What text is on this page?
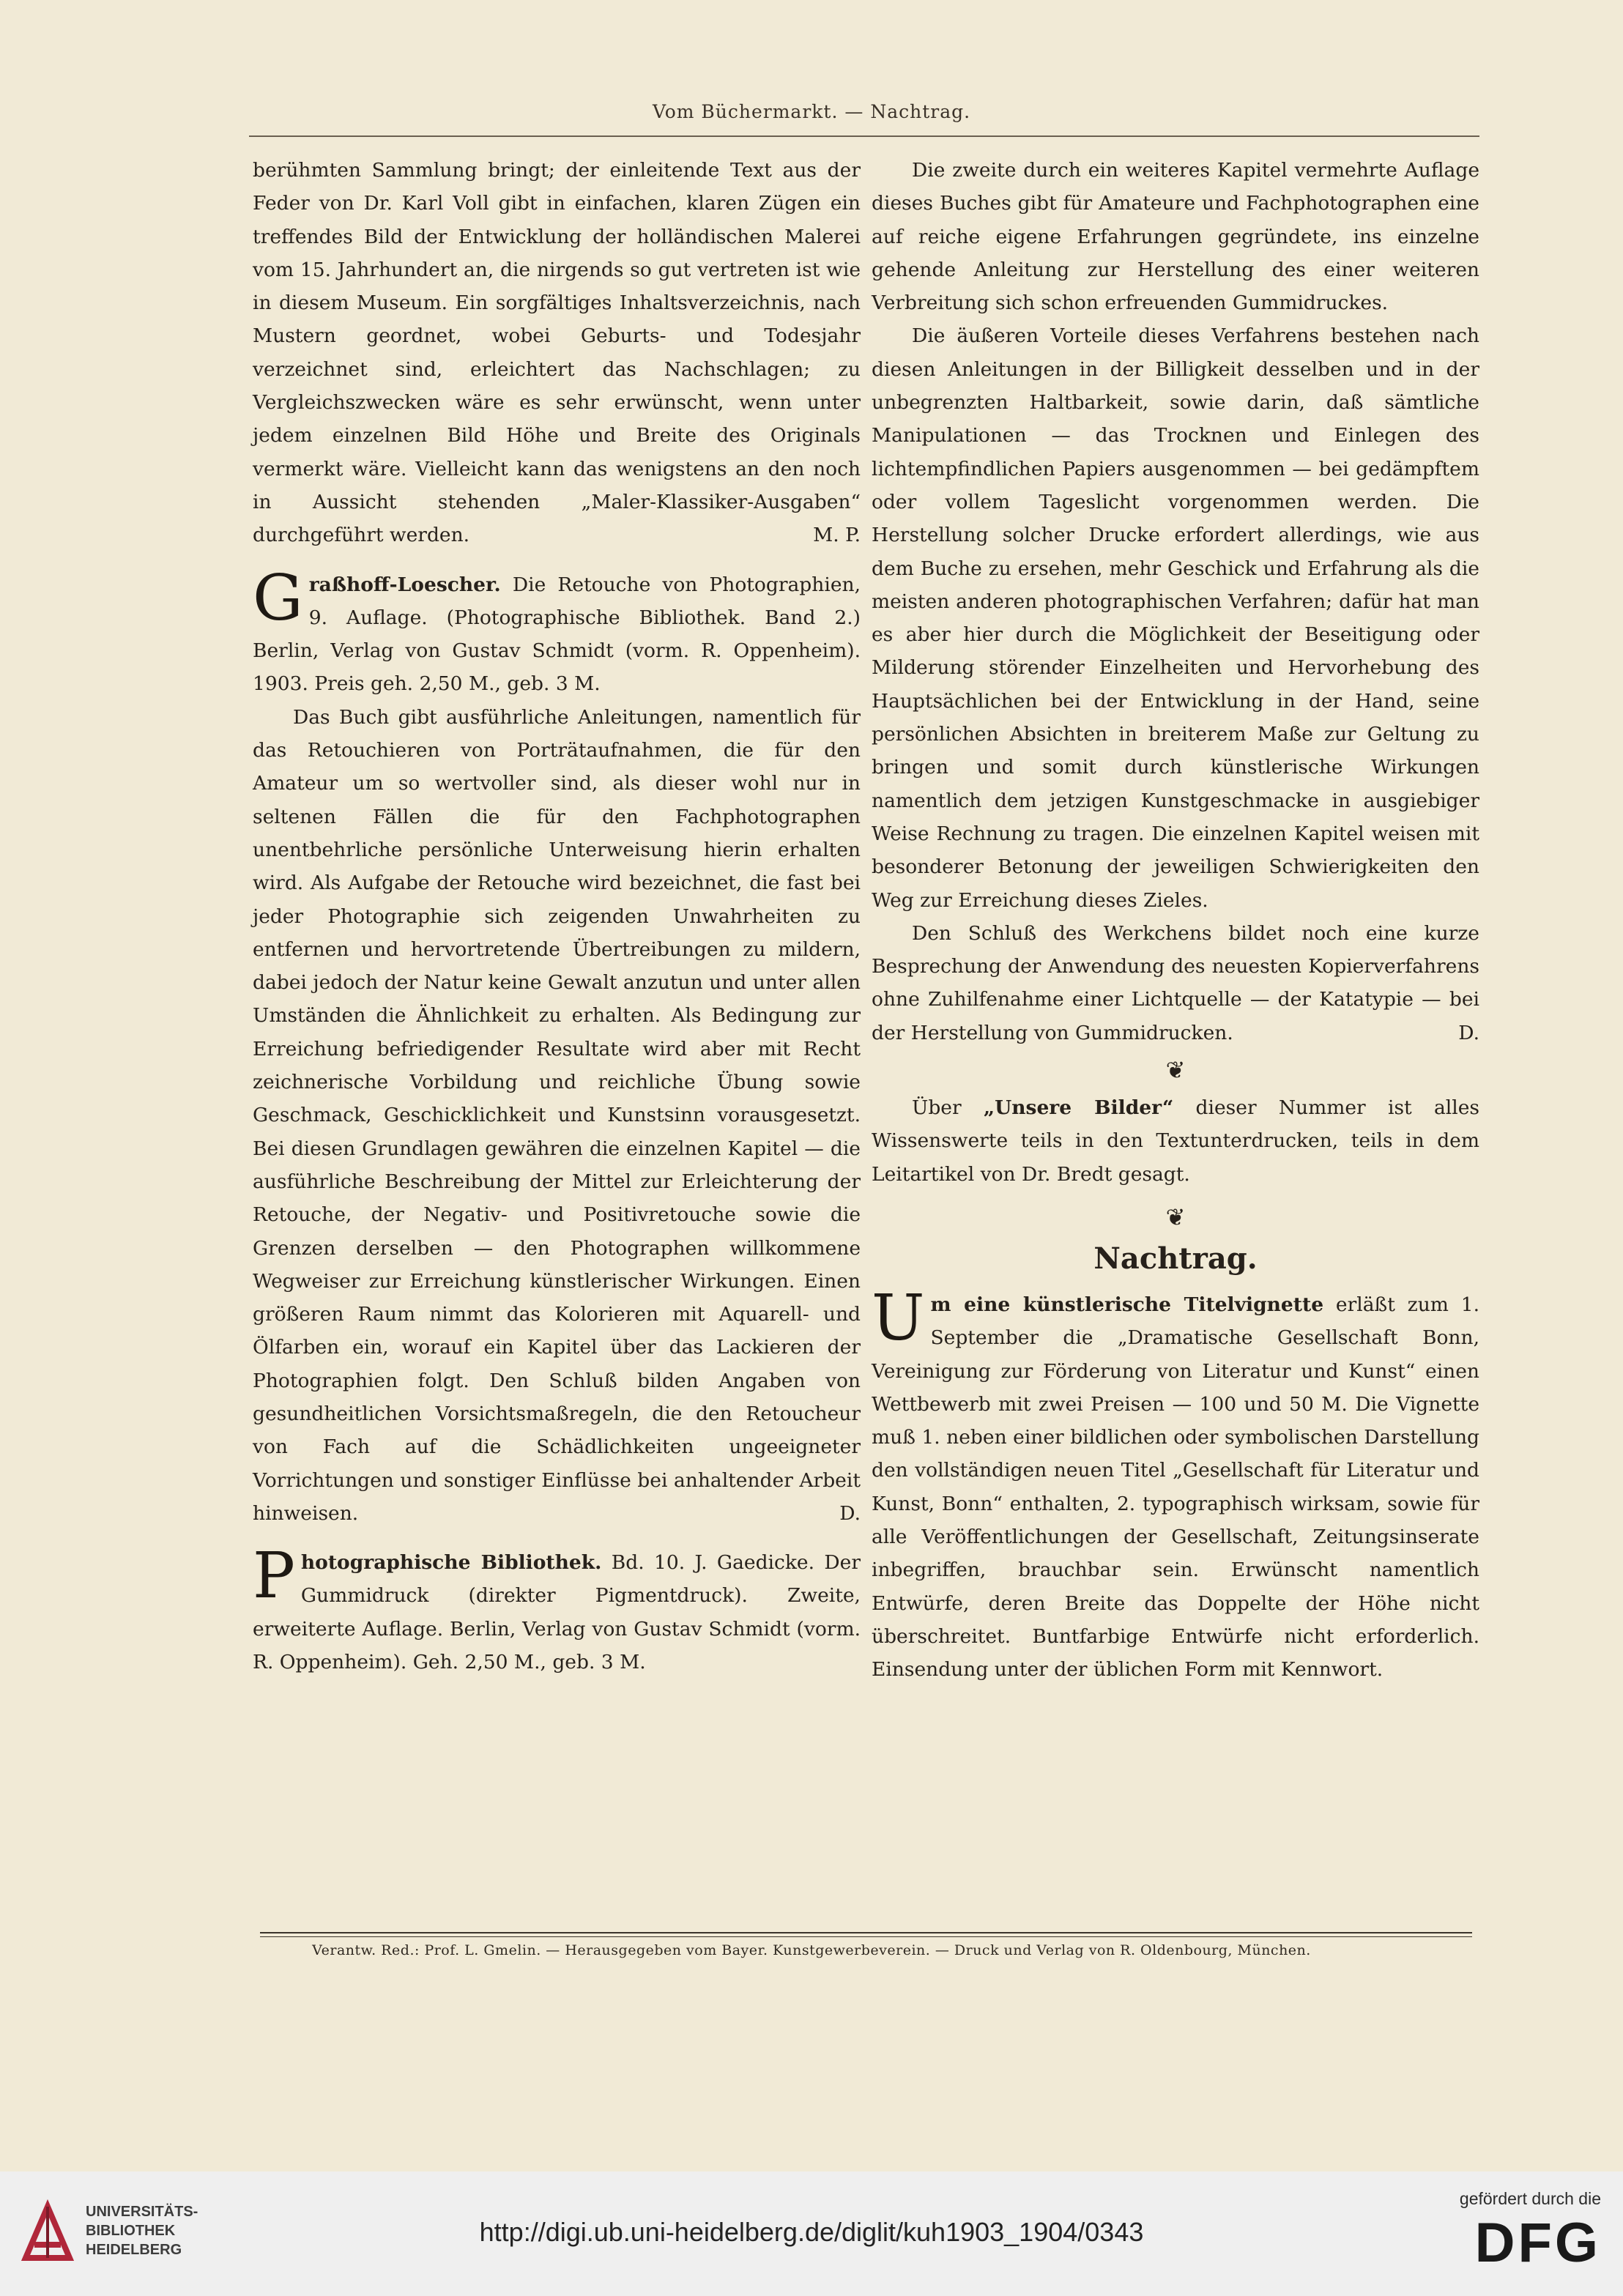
Vom Büchermarkt. — Nachtrag.

berühmten Sammlung bringt; der einleitende Text aus der Feder von Dr. Karl Voll gibt in einfachen, klaren Zügen ein treffendes Bild der Entwicklung der holländischen Malerei vom 15. Jahrhundert an, die nirgends so gut vertreten ist wie in diesem Museum. Ein sorgfältiges Inhaltsverzeichnis, nach Mustern geordnet, wobei Geburts- und Todesjahr verzeichnet sind, erleichtert das Nachschlagen; zu Vergleichszwecken wäre es sehr erwünscht, wenn unter jedem einzelnen Bild Höhe und Breite des Originals vermerkt wäre. Vielleicht kann das wenigstens an den noch in Aussicht stehenden „Maler-Klassiker-Ausgaben“ durchgeführt werden.	M. P.

Graßhoff-Loescher. Die Retouche von Photographien, 9. Auflage. (Photographische Bibliothek. Band 2.) Berlin, Verlag von Gustav Schmidt (vorm. R. Oppenheim). 1903. Preis geh. 2,50 M., geb. 3 M.

Das Buch gibt ausführliche Anleitungen, namentlich für das Retouchieren von Porträtaufnahmen, die für den Amateur um so wertvoller sind, als dieser wohl nur in seltenen Fällen die für den Fachphotographen unentbehrliche persönliche Unterweisung hierin erhalten wird. Als Aufgabe der Retouche wird bezeichnet, die fast bei jeder Photographie sich zeigenden Unwahrheiten zu entfernen und hervortretende Übertreibungen zu mildern, dabei jedoch der Natur keine Gewalt anzutun und unter allen Umständen die Ähnlichkeit zu erhalten. Als Bedingung zur Erreichung befriedigender Resultate wird aber mit Recht zeichnerische Vorbildung und reichliche Übung sowie Geschmack, Geschicklichkeit und Kunstsinn vorausgesetzt. Bei diesen Grundlagen gewähren die einzelnen Kapitel — die ausführliche Beschreibung der Mittel zur Erleichterung der Retouche, der Negativ- und Positivretouche sowie die Grenzen derselben — den Photographen willkommene Wegweiser zur Erreichung künstlerischer Wirkungen. Einen größeren Raum nimmt das Kolorieren mit Aquarell- und Ölfarben ein, worauf ein Kapitel über das Lackieren der Photographien folgt. Den Schluß bilden Angaben von gesundheitlichen Vorsichtsmaßregeln, die den Retoucheur von Fach auf die Schädlichkeiten ungeeigneter Vorrichtungen und sonstiger Einflüsse bei anhaltender Arbeit hinweisen.	D.

Photographische Bibliothek. Bd. 10. J. Gaedicke. Der Gummidruck (direkter Pigmentdruck). Zweite, erweiterte Auflage. Berlin, Verlag von Gustav Schmidt (vorm. R. Oppenheim). Geh. 2,50 M., geb. 3 M.

Die zweite durch ein weiteres Kapitel vermehrte Auflage dieses Buches gibt für Amateure und Fachphotographen eine auf reiche eigene Erfahrungen gegründete, ins einzelne gehende Anleitung zur Herstellung des einer weiteren Verbreitung sich schon erfreuenden Gummidruckes.

Die äußeren Vorteile dieses Verfahrens bestehen nach diesen Anleitungen in der Billigkeit desselben und in der unbegrenzten Haltbarkeit, sowie darin, daß sämtliche Manipulationen — das Trocknen und Einlegen des lichtempfindlichen Papiers ausgenommen — bei gedämpftem oder vollem Tageslicht vorgenommen werden. Die Herstellung solcher Drucke erfordert allerdings, wie aus dem Buche zu ersehen, mehr Geschick und Erfahrung als die meisten anderen photographischen Verfahren; dafür hat man es aber hier durch die Möglichkeit der Beseitigung oder Milderung störender Einzelheiten und Hervorhebung des Hauptsächlichen bei der Entwicklung in der Hand, seine persönlichen Absichten in breiterem Maße zur Geltung zu bringen und somit durch künstlerische Wirkungen namentlich dem jetzigen Kunstgeschmacke in ausgiebiger Weise Rechnung zu tragen. Die einzelnen Kapitel weisen mit besonderer Betonung der jeweiligen Schwierigkeiten den Weg zur Erreichung dieses Zieles.

Den Schluß des Werkchens bildet noch eine kurze Besprechung der Anwendung des neuesten Kopierverfahrens ohne Zuhilfenahme einer Lichtquelle — der Katatypie — bei der Herstellung von Gummidrucken.	D.

❦

Über „Unsere Bilder“ dieser Nummer ist alles Wissenswerte teils in den Textunterdrucken, teils in dem Leitartikel von Dr. Bredt gesagt.

❦
Nachtrag.

Um eine künstlerische Titelvignette erläßt zum 1. September die „Dramatische Gesellschaft Bonn, Vereinigung zur Förderung von Literatur und Kunst“ einen Wettbewerb mit zwei Preisen — 100 und 50 M. Die Vignette muß 1. neben einer bildlichen oder symbolischen Darstellung den vollständigen neuen Titel „Gesellschaft für Literatur und Kunst, Bonn“ enthalten, 2. typographisch wirksam, sowie für alle Veröffentlichungen der Gesellschaft, Zeitungsinserate inbegriffen, brauchbar sein. Erwünscht namentlich Entwürfe, deren Breite das Doppelte der Höhe nicht überschreitet. Buntfarbige Entwürfe nicht erforderlich. Einsendung unter der üblichen Form mit Kennwort.

Verantw. Red.: Prof. L. Gmelin. — Herausgegeben vom Bayer. Kunstgewerbeverein. — Druck und Verlag von R. Oldenbourg, München.
UNIVERSITÄTS-BIBLIOTHEK HEIDELBERG
http://digi.ub.uni-heidelberg.de/diglit/kuh1903_1904/0343
gefördert durch die
DFG
